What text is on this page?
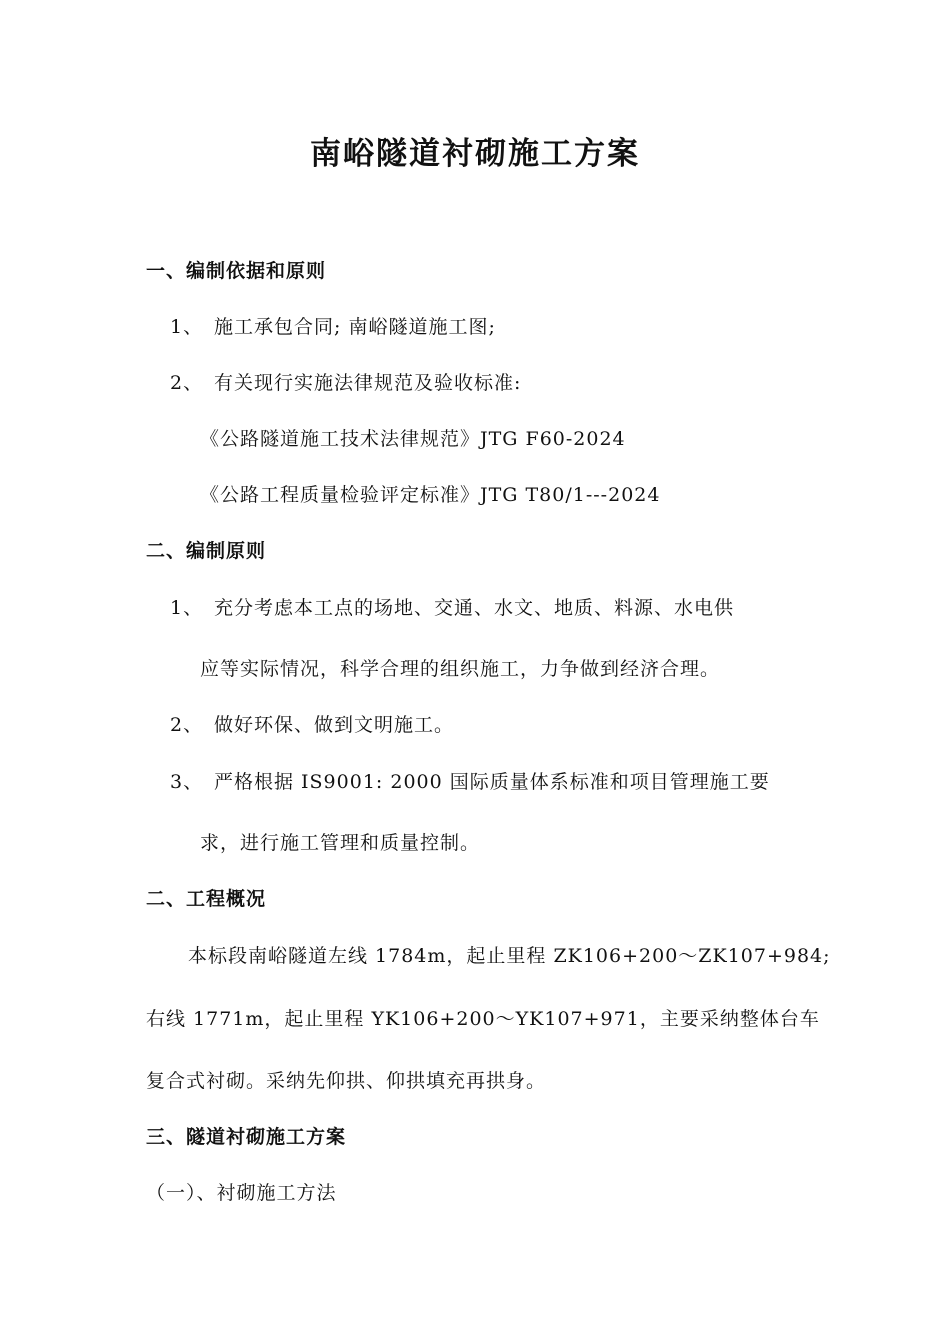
南峪隧道衬砌施工方案
一、编制依据和原则
1、 施工承包合同; 南峪隧道施工图;
2、 有关现行实施法律规范及验收标准:
《公路隧道施工技术法律规范》JTG F60-2024
《公路工程质量检验评定标准》JTG T80/1---2024
二、编制原则
1、 充分考虑本工点的场地、交通、水文、地质、料源、水电供
应等实际情况，科学合理的组织施工，力争做到经济合理。
2、 做好环保、做到文明施工。
3、 严格根据 IS9001: 2000 国际质量体系标准和项目管理施工要
求，进行施工管理和质量控制。
二、工程概况
本标段南峪隧道左线 1784m，起止里程 ZK106+200～ZK107+984;
右线 1771m，起止里程 YK106+200～YK107+971，主要采纳整体台车
复合式衬砌。采纳先仰拱、仰拱填充再拱身。
三、隧道衬砌施工方案
（一）、衬砌施工方法
